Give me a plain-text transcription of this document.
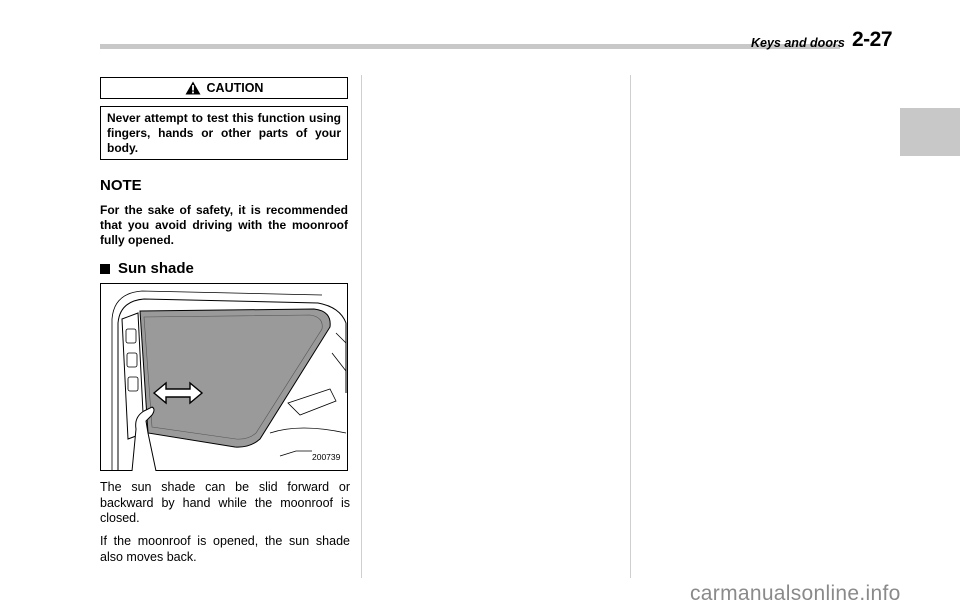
Keys and doors 2-27
CAUTION
Never attempt to test this function using fingers, hands or other parts of your body.
NOTE
For the sake of safety, it is recommended that you avoid driving with the moonroof fully opened.
Sun shade
200739
The sun shade can be slid forward or backward by hand while the moonroof is closed.
If the moonroof is opened, the sun shade also moves back.
carmanualsonline.info
